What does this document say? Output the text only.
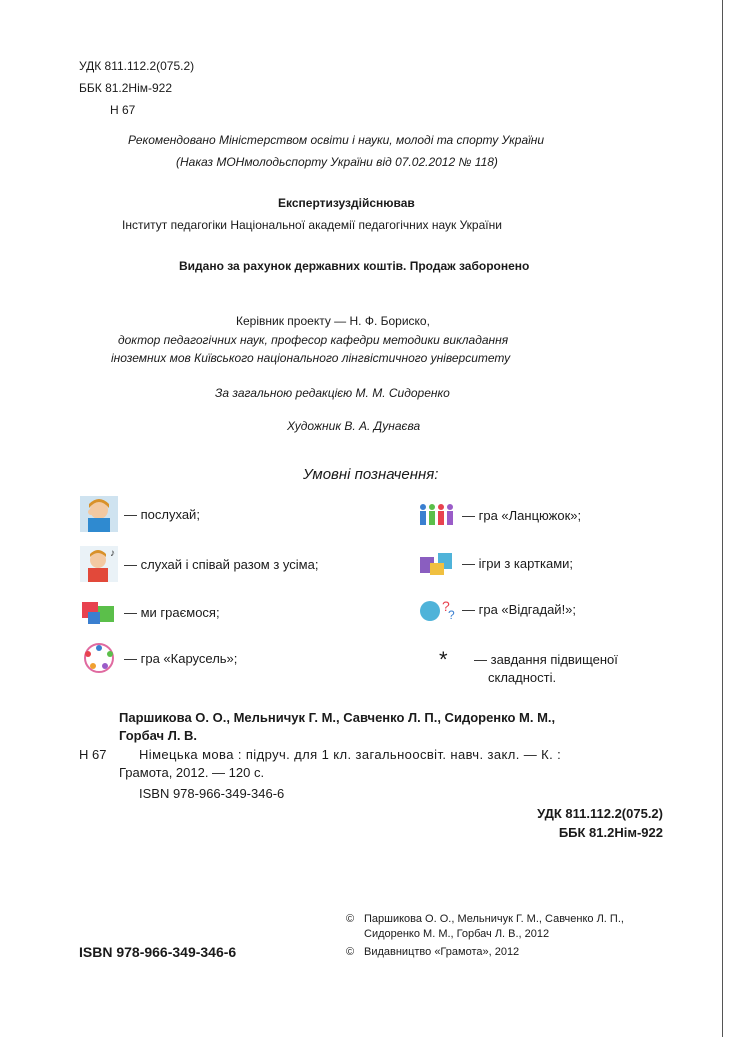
УДК 811.112.2(075.2)
ББК 81.2Нім-922
Н 67
Рекомендовано Міністерством освіти і науки, молоді та спорту України
(Наказ МОНмолодьспорту України від 07.02.2012 № 118)
Експертизуздійснював
Інститут педагогіки Національної академії педагогічних наук України
Видано за рахунок державних коштів. Продаж заборонено
Керівник проекту — Н. Ф. Бориско,
доктор педагогічних наук, професор кафедри методики викладання
іноземних мов Київського національного лінгвістичного університету
За загальною редакцією М. М. Сидоренко
Художник В. А. Дунаєва
Умовні позначення:
— послухай;
♪
— слухай і співай разом з усіма;
— ми граємося;
— гра «Карусель»;
— гра «Ланцюжок»;
— ігри з картками;
?
? — гра «Відгадай!»;
* — завдання підвищеної
складності.
Паршикова О. О., Мельничук Г. М., Савченко Л. П., Сидоренко М. М.,
Горбач Л. В.
Н 67	Німецька мова : підруч. для 1 кл. загальноосвіт. навч. закл. — К. :
Грамота, 2012. — 120 с.
ISBN 978-966-349-346-6
УДК 811.112.2(075.2)
ББК 81.2Нім-922
ISBN 978-966-349-346-6
© Паршикова О. О., Мельничук Г. М., Савченко Л. П.,
Сидоренко М. М., Горбач Л. В., 2012
© Видавництво «Грамота», 2012
